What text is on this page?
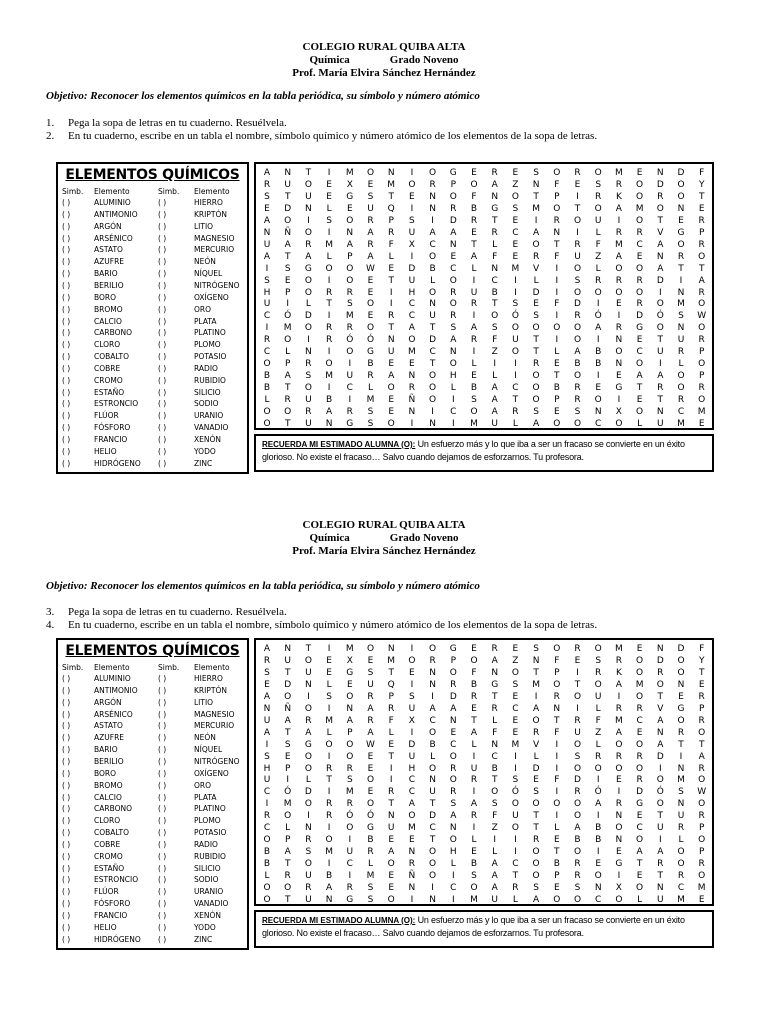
COLEGIO RURAL QUIBA ALTA
Química	Grado Noveno
Prof. María Elvira Sánchez Hernández
Objetivo: Reconocer los elementos químicos en la tabla periódica, su símbolo y número atómico
1.	Pega la sopa de letras en tu cuaderno. Resuélvela.
2.	En tu cuaderno, escribe en un tabla el nombre, símbolo químico y número atómico de los elementos de la sopa de letras.
ELEMENTOS QUÍMICOS
Simb. Elemento	Simb. Elemento
( )	ALUMINIO	( )	HIERRO
( )	ANTIMONIO	( )	KRIPTÓN
( )	ARGÓN	( )	LITIO
( )	ARSÉNICO	( )	MAGNESIO
( )	ASTATO	( )	MERCURIO
( )	AZUFRE	( )	NEÓN
( )	BARIO	( )	NÍQUEL
( )	BERILIO	( )	NITRÓGENO
( )	BORO	( )	OXÍGENO
( )	BROMO	( )	ORO
( )	CALCIO	( )	PLATA
( )	CARBONO	( )	PLATINO
( )	CLORO	( )	PLOMO
( )	COBALTO	( )	POTASIO
( )	COBRE	( )	RADIO
( )	CROMO	( )	RUBIDIO
( )	ESTAÑO	( )	SILICIO
( )	ESTRONCIO	( )	SODIO
( )	FLÚOR	( )	URANIO
( )	FÓSFORO	( )	VANADIO
( )	FRANCIO	( )	XENÓN
( )	HELIO	( )	YODO
( )	HIDRÓGENO ( )	ZINC
A	N	T	I	M	O	N	I	O	G	E	R	E	S	O	R	O	M	E	N	D	F
R	U	O	E	X	E	M	O	R	P	O	A	Z	N	F	E	S	R	O	D	O	Y
S	T	U	E	G	S	T	E	N	O	F	N	O	T	P	I	R	K	O	R	O	T
E	D	N	L	E	U	Q	I	N	R	B	G	S	M	O	T	O	A	M	O	N	E
A	O	I	S	O	R	P	S	I	D	R	T	E	I	R	O	U	I	O	T	E	R
N	Ñ	O	I	N	A	R	U	A	A	E	R	C	A	N	I	L	R	R	V	G	P
U	A	R	M	A	R	F	X	C	N	T	L	E	O	T	R	F	M	C	A	O	R
A	T	A	L	P	A	L	I	O	E	A	F	E	R	F	U	Z	A	E	N	R	O
I	S	G	O	O	W	E	D	B	C	L	N	M	V	I	O	L	O	O	A	T	T
S	E	O	I	O	E	T	U	L	O	I	C	I	L	I	S	R	R	R	D	I	A
H	P	O	R	R	E	I	H	O	R	U	B	I	D	I	O	O	O	O	I	N	R
U	I	L	T	S	O	I	C	N	O	R	T	S	E	F	D	I	E	R	O	M	O
C	Ó	D	I	M	E	R	C	U	R	I	O	Ó	S	I	R	Ó	I	D	Ó	S	W
I	M	O	R	R	O	T	A	T	S	A	S	O	O	O	O	A	R	G	O	N	O
R	O	I	R	Ó	Ó	N	O	D	A	R	F	U	T	I	O	I	N	E	T	U	R
C	L	N	I	O	G	U	M	C	N	I	Z	O	T	L	A	B	O	C	U	R	P
O	P	R	O	I	B	E	E	T	O	L	I	I	R	E	B	B	N	O	I	L	O
B	A	S	M	U	R	A	N	O	H	E	L	I	O	T	O	I	E	A	A	O	P
B	T	O	I	C	L	O	R	O	L	B	A	C	O	B	R	E	G	T	R	O	R
L	R	U	B	I	M	E	Ñ	O	I	S	A	T	O	P	R	O	I	E	T	R	O
O	O	R	A	R	S	E	N	I	C	O	A	R	S	E	S	N	X	O	N	C	M
O	T	U	N	G	S	O	I	N	I	M	U	L	A	O	O	C	O	L	U	M	E
RECUERDA MI ESTIMADO ALUMNA (O): Un esfuerzo más y lo que iba a ser un fracaso se convierte en un éxito glorioso. No existe el fracaso… Salvo cuando dejamos de esforzarnos. Tu profesora.
COLEGIO RURAL QUIBA ALTA
Química	Grado Noveno
Prof. María Elvira Sánchez Hernández
Objetivo: Reconocer los elementos químicos en la tabla periódica, su símbolo y número atómico
3.	Pega la sopa de letras en tu cuaderno. Resuélvela.
4.	En tu cuaderno, escribe en un tabla el nombre, símbolo químico y número atómico de los elementos de la sopa de letras.
ELEMENTOS QUÍMICOS
Simb. Elemento	Simb. Elemento
( )	ALUMINIO	( )	HIERRO
( )	ANTIMONIO	( )	KRIPTÓN
( )	ARGÓN	( )	LITIO
( )	ARSÉNICO	( )	MAGNESIO
( )	ASTATO	( )	MERCURIO
( )	AZUFRE	( )	NEÓN
( )	BARIO	( )	NÍQUEL
( )	BERILIO	( )	NITRÓGENO
( )	BORO	( )	OXÍGENO
( )	BROMO	( )	ORO
( )	CALCIO	( )	PLATA
( )	CARBONO	( )	PLATINO
( )	CLORO	( )	PLOMO
( )	COBALTO	( )	POTASIO
( )	COBRE	( )	RADIO
( )	CROMO	( )	RUBIDIO
( )	ESTAÑO	( )	SILICIO
( )	ESTRONCIO	( )	SODIO
( )	FLÚOR	( )	URANIO
( )	FÓSFORO	( )	VANADIO
( )	FRANCIO	( )	XENÓN
( )	HELIO	( )	YODO
( )	HIDRÓGENO ( )	ZINC
A	N	T	I	M	O	N	I	O	G	E	R	E	S	O	R	O	M	E	N	D	F
R	U	O	E	X	E	M	O	R	P	O	A	Z	N	F	E	S	R	O	D	O	Y
S	T	U	E	G	S	T	E	N	O	F	N	O	T	P	I	R	K	O	R	O	T
E	D	N	L	E	U	Q	I	N	R	B	G	S	M	O	T	O	A	M	O	N	E
A	O	I	S	O	R	P	S	I	D	R	T	E	I	R	O	U	I	O	T	E	R
N	Ñ	O	I	N	A	R	U	A	A	E	R	C	A	N	I	L	R	R	V	G	P
U	A	R	M	A	R	F	X	C	N	T	L	E	O	T	R	F	M	C	A	O	R
A	T	A	L	P	A	L	I	O	E	A	F	E	R	F	U	Z	A	E	N	R	O
I	S	G	O	O	W	E	D	B	C	L	N	M	V	I	O	L	O	O	A	T	T
S	E	O	I	O	E	T	U	L	O	I	C	I	L	I	S	R	R	R	D	I	A
H	P	O	R	R	E	I	H	O	R	U	B	I	D	I	O	O	O	O	I	N	R
U	I	L	T	S	O	I	C	N	O	R	T	S	E	F	D	I	E	R	O	M	O
C	Ó	D	I	M	E	R	C	U	R	I	O	Ó	S	I	R	Ó	I	D	Ó	S	W
I	M	O	R	R	O	T	A	T	S	A	S	O	O	O	O	A	R	G	O	N	O
R	O	I	R	Ó	Ó	N	O	D	A	R	F	U	T	I	O	I	N	E	T	U	R
C	L	N	I	O	G	U	M	C	N	I	Z	O	T	L	A	B	O	C	U	R	P
O	P	R	O	I	B	E	E	T	O	L	I	I	R	E	B	B	N	O	I	L	O
B	A	S	M	U	R	A	N	O	H	E	L	I	O	T	O	I	E	A	A	O	P
B	T	O	I	C	L	O	R	O	L	B	A	C	O	B	R	E	G	T	R	O	R
L	R	U	B	I	M	E	Ñ	O	I	S	A	T	O	P	R	O	I	E	T	R	O
O	O	R	A	R	S	E	N	I	C	O	A	R	S	E	S	N	X	O	N	C	M
O	T	U	N	G	S	O	I	N	I	M	U	L	A	O	O	C	O	L	U	M	E
RECUERDA MI ESTIMADO ALUMNA (O): Un esfuerzo más y lo que iba a ser un fracaso se convierte en un éxito glorioso. No existe el fracaso… Salvo cuando dejamos de esforzarnos. Tu profesora.
